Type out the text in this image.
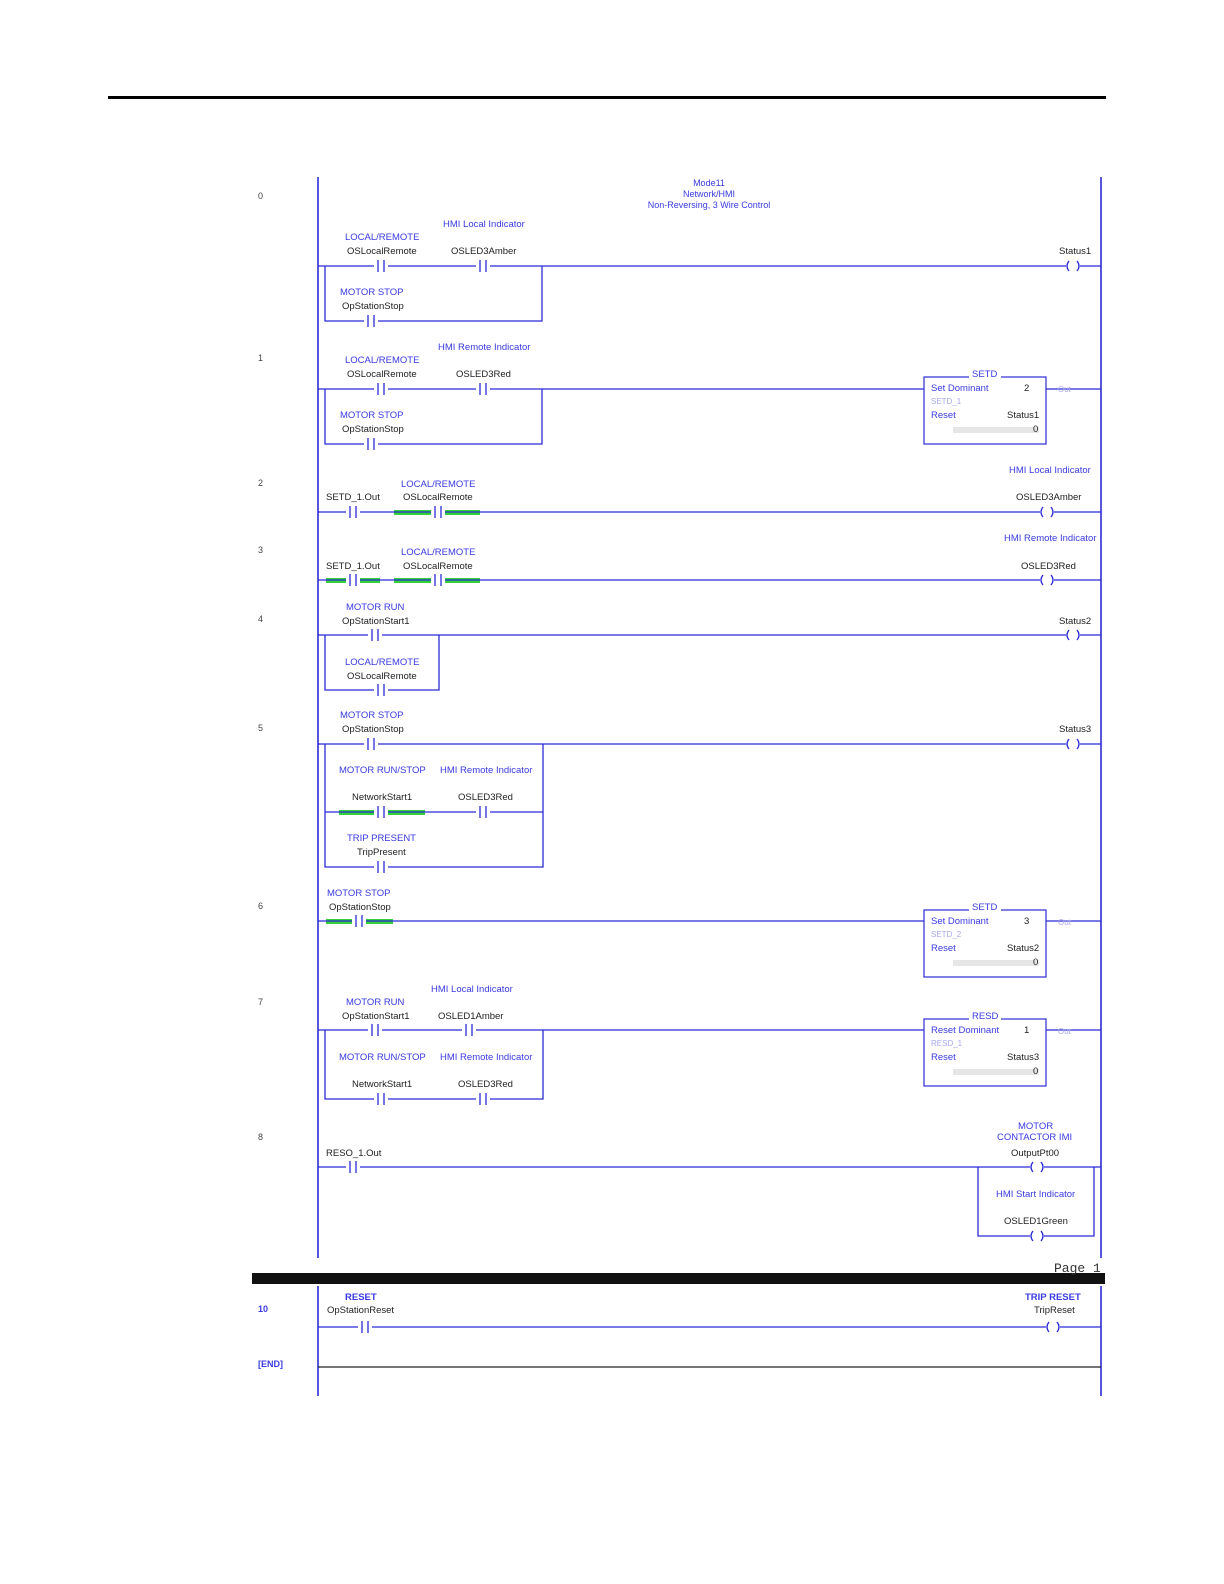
Page 1
0
1
2
3
4
5
6
7
8
10
[END]
Mode11
Network/HMI
Non-Reversing, 3 Wire Control
HMI Local Indicator
LOCAL/REMOTE
OSLocalRemote	OSLED3Amber	Status1
MOTOR STOP
OpStationStop
HMI Remote Indicator
LOCAL/REMOTE
OSLocalRemote	OSLED3Red
MOTOR STOP
OpStationStop
SETD
Set Dominant	2
SETD_1
Reset	Status1
0
Out
HMI Local Indicator
LOCAL/REMOTE
SETD_1.Out OSLocalRemote	OSLED3Amber
HMI Remote Indicator
LOCAL/REMOTE
SETD_1.Out OSLocalRemote	OSLED3Red
MOTOR RUN
OpStationStart1	Status2
LOCAL/REMOTE
OSLocalRemote
MOTOR STOP
OpStationStop	Status3
MOTOR RUN/STOP HMI Remote Indicator
NetworkStart1	OSLED3Red
TRIP PRESENT
TripPresent
MOTOR STOP
OpStationStop	SETD
Set Dominant	3
SETD_2
Reset	Status2
0
Out
HMI Local Indicator
MOTOR RUN
OpStationStart1	OSLED1Amber
MOTOR RUN/STOP HMI Remote Indicator
NetworkStart1	OSLED3Red
RESD
Reset Dominant	1
RESD_1
Reset	Status3
0
Out
MOTOR
CONTACTOR IMI
RESO_1.Out	OutputPt00
HMI Start Indicator
OSLED1Green
RESET
OpStationReset
TRIP RESET
TripReset
